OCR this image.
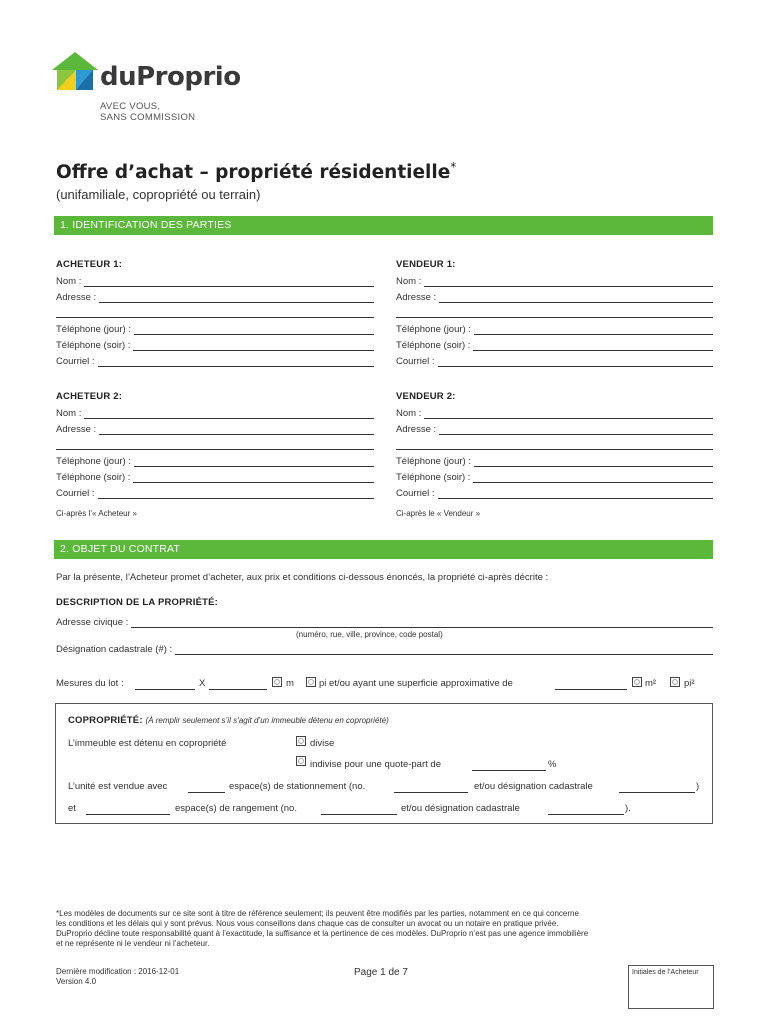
duProprio
AVEC VOUS,
SANS COMMISSION
Offre d’achat – propriété résidentielle*
(unifamiliale, copropriété ou terrain)
1. IDENTIFICATION DES PARTIES
ACHETEUR 1:
Nom :
Adresse :
Téléphone (jour) :
Téléphone (soir) :
Courriel :
VENDEUR 1:
Nom :
Adresse :
Téléphone (jour) :
Téléphone (soir) :
Courriel :
ACHETEUR 2:
Nom :
Adresse :
Téléphone (jour) :
Téléphone (soir) :
Courriel :
Ci-après l’« Acheteur »
VENDEUR 2:
Nom :
Adresse :
Téléphone (jour) :
Téléphone (soir) :
Courriel :
Ci-après le « Vendeur »
2. OBJET DU CONTRAT
Par la présente, l’Acheteur promet d’acheter, aux prix et conditions ci-dessous énoncés, la propriété ci-après décrite :
DESCRIPTION DE LA PROPRIÉTÉ:
Adresse civique :
(numéro, rue, ville, province, code postal)
Désignation cadastrale (#) :
Mesures du lot :	X	m	pi et/ou ayant une superficie approximative de	m²	pi²
COPROPRIÉTÉ: (À remplir seulement s’il s’agit d’un immeuble détenu en copropriété)
L’immeuble est détenu en copropriété	divise
indivise pour une quote-part de	%
L’unité est vendue avec	espace(s) de stationnement (no.	et/ou désignation cadastrale	)
et	espace(s) de rangement (no.	et/ou désignation cadastrale	).
*Les modèles de documents sur ce site sont à titre de référence seulement; ils peuvent être modifiés par les parties, notamment en ce qui concerne
les conditions et les délais qui y sont prévus. Nous vous conseillons dans chaque cas de consulter un avocat ou un notaire en pratique privée.
DuProprio décline toute responsabilité quant à l’exactitude, la suffisance et la pertinence de ces modèles. DuProprio n’est pas une agence immobilière
et ne représente ni le vendeur ni l’acheteur.
Dernière modification : 2016-12-01
Version 4.0
Page 1 de 7	Initiales de l’Acheteur
